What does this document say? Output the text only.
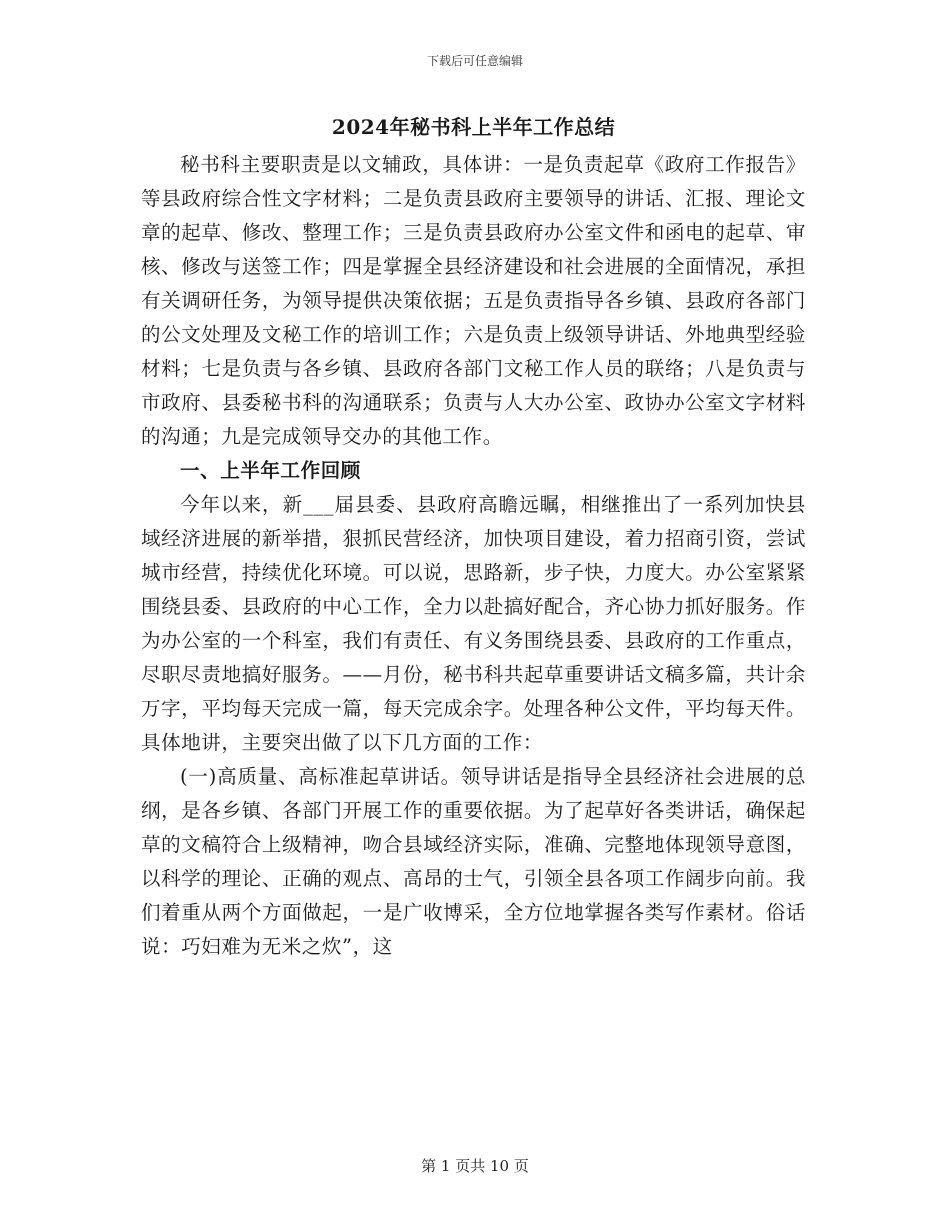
下载后可任意编辑
2024年秘书科上半年工作总结

秘书科主要职责是以文辅政，具体讲：一是负责起草《政府工作报告》等县政府综合性文字材料；二是负责县政府主要领导的讲话、汇报、理论文章的起草、修改、整理工作；三是负责县政府办公室文件和函电的起草、审核、修改与送签工作；四是掌握全县经济建设和社会进展的全面情况，承担有关调研任务，为领导提供决策依据；五是负责指导各乡镇、县政府各部门的公文处理及文秘工作的培训工作；六是负责上级领导讲话、外地典型经验材料；七是负责与各乡镇、县政府各部门文秘工作人员的联络；八是负责与市政府、县委秘书科的沟通联系；负责与人大办公室、政协办公室文字材料的沟通；九是完成领导交办的其他工作。

一、上半年工作回顾

今年以来，新___届县委、县政府高瞻远瞩，相继推出了一系列加快县域经济进展的新举措，狠抓民营经济，加快项目建设，着力招商引资，尝试城市经营，持续优化环境。可以说，思路新，步子快，力度大。办公室紧紧围绕县委、县政府的中心工作，全力以赴搞好配合，齐心协力抓好服务。作为办公室的一个科室，我们有责任、有义务围绕县委、县政府的工作重点，尽职尽责地搞好服务。——月份，秘书科共起草重要讲话文稿多篇，共计余万字，平均每天完成一篇，每天完成余字。处理各种公文件，平均每天件。具体地讲，主要突出做了以下几方面的工作：

(一)高质量、高标准起草讲话。领导讲话是指导全县经济社会进展的总纲，是各乡镇、各部门开展工作的重要依据。为了起草好各类讲话，确保起草的文稿符合上级精神，吻合县域经济实际，准确、完整地体现领导意图，以科学的理论、正确的观点、高昂的士气，引领全县各项工作阔步向前。我们着重从两个方面做起，一是广收博采，全方位地掌握各类写作素材。俗话说：巧妇难为无米之炊”，这

第 1 页共 10 页
